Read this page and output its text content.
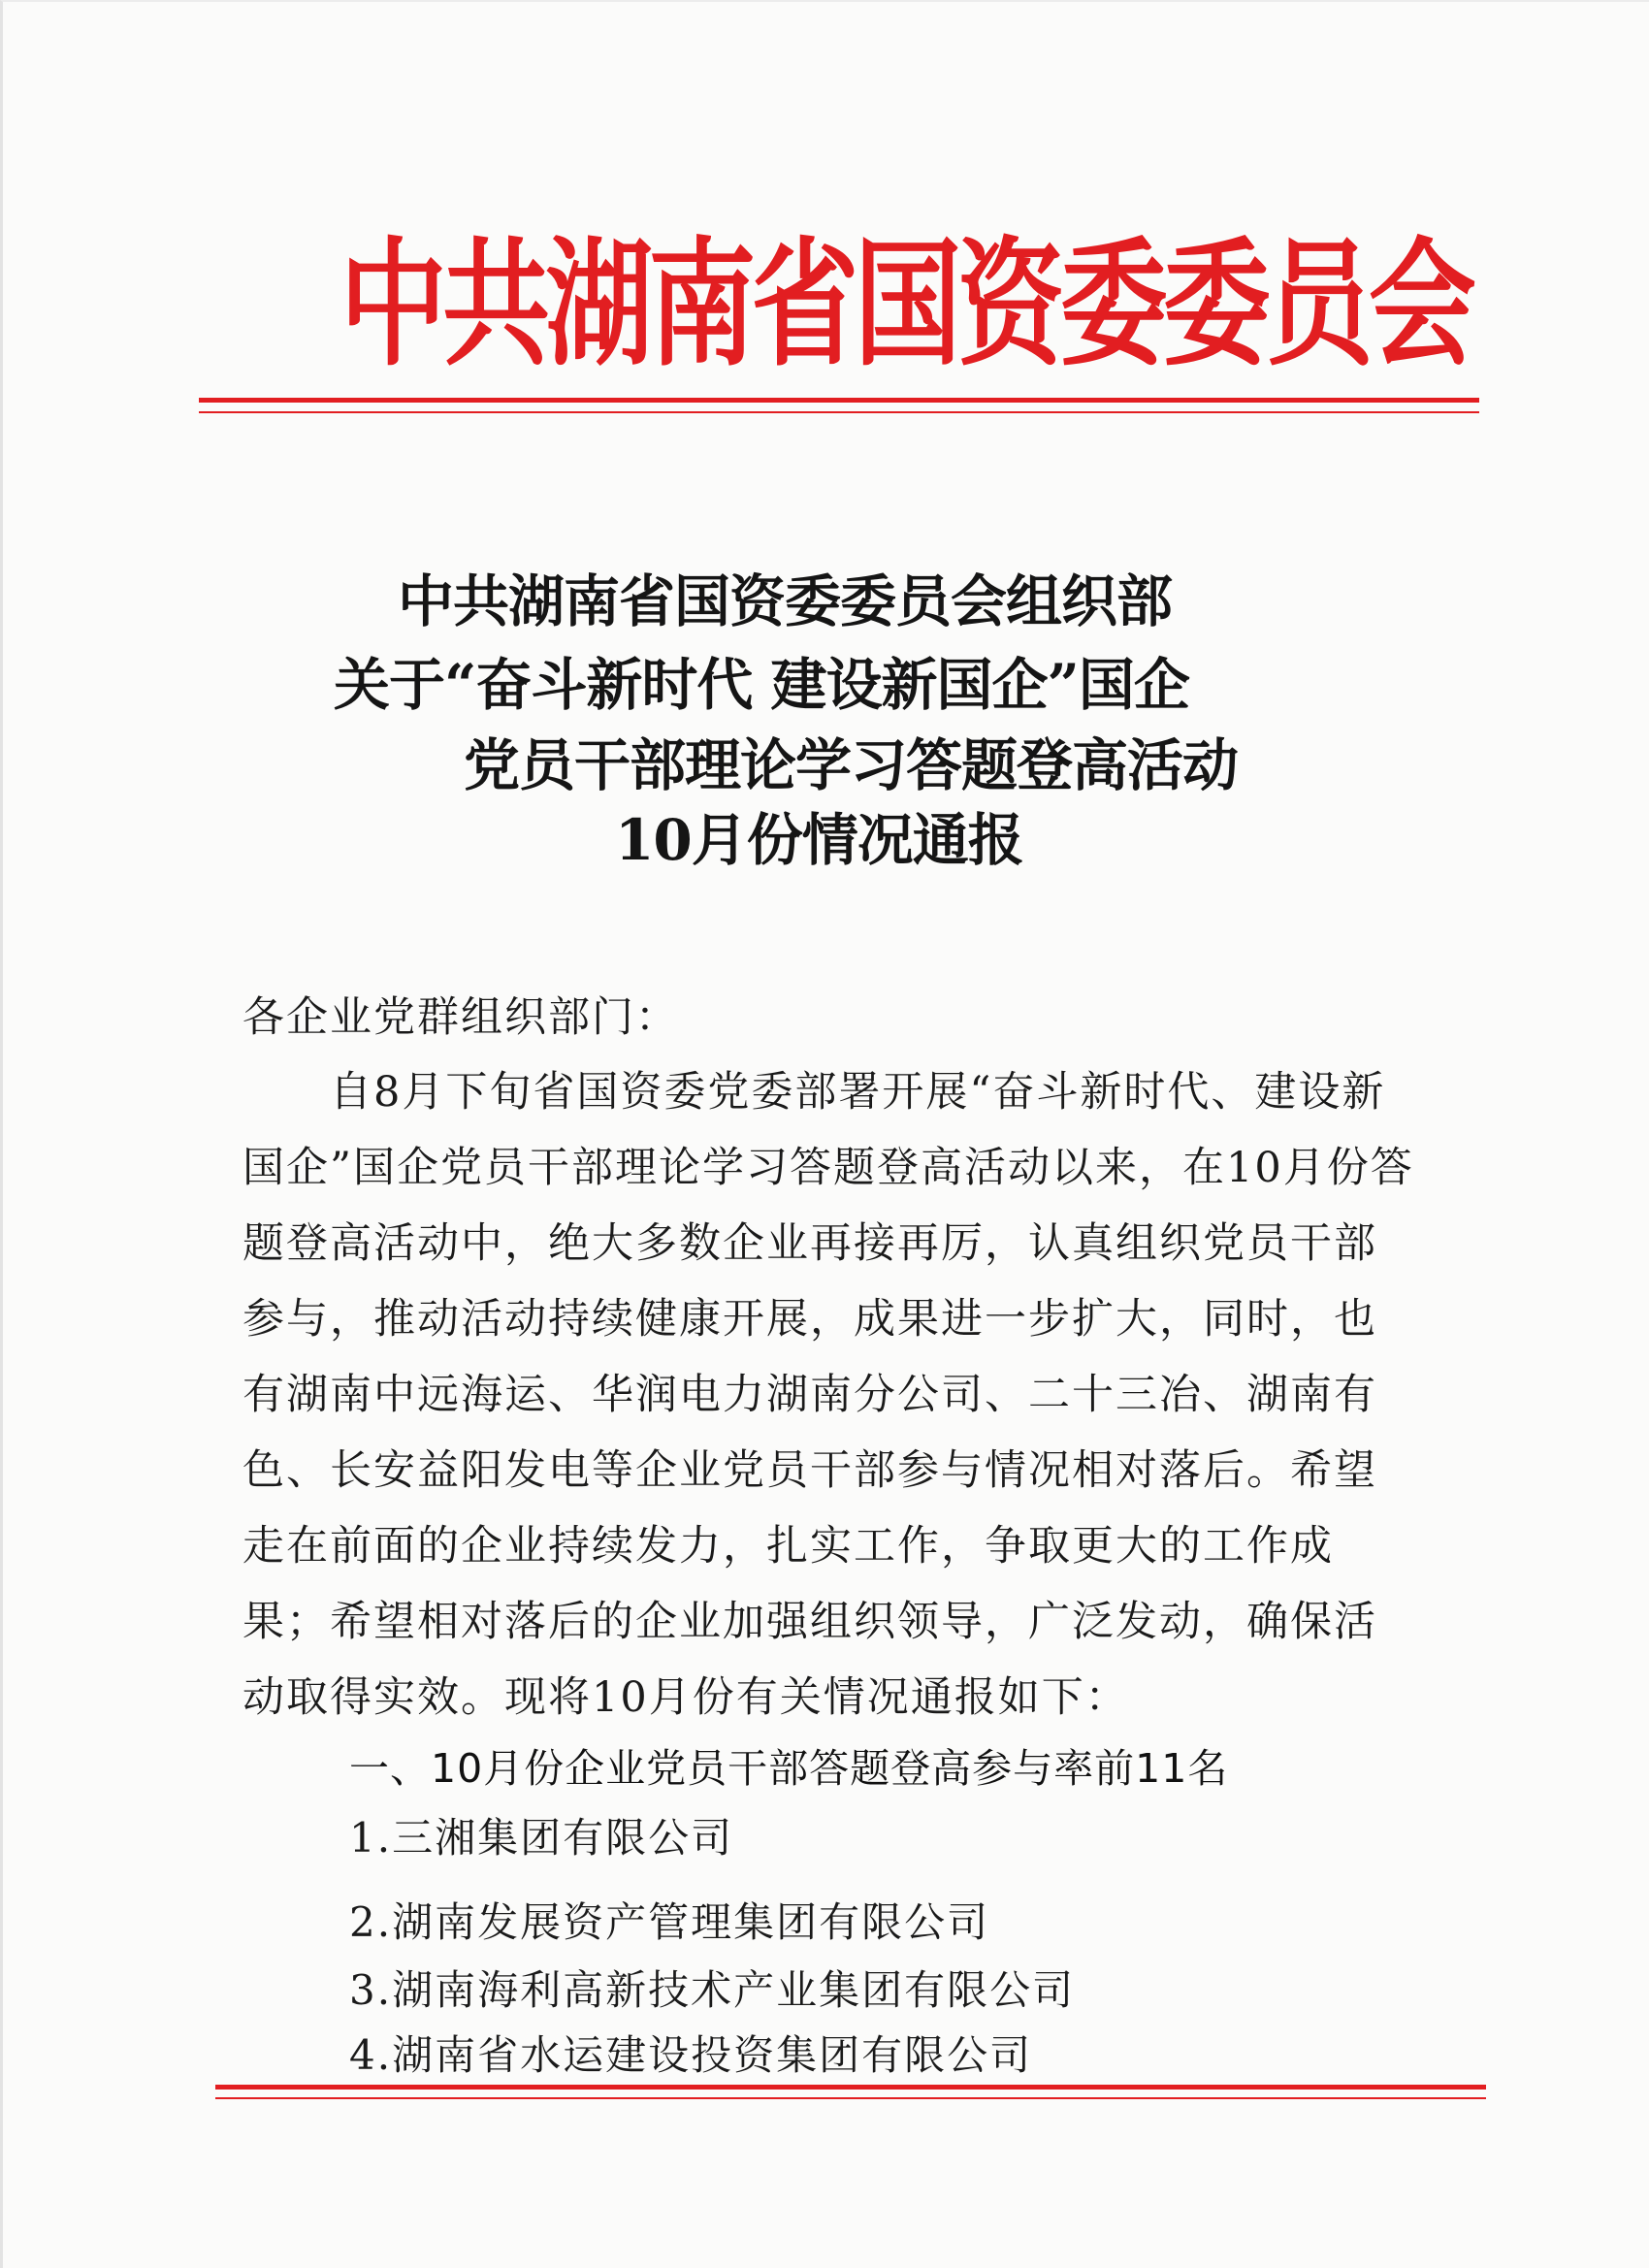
中共湖南省国资委委员会
中共湖南省国资委委员会组织部
关于“奋斗新时代 建设新国企”国企
党员干部理论学习答题登高活动
10月份情况通报
各企业党群组织部门：
自8月下旬省国资委党委部署开展“奋斗新时代、建设新
国企”国企党员干部理论学习答题登高活动以来，在10月份答
题登高活动中，绝大多数企业再接再厉，认真组织党员干部
参与，推动活动持续健康开展，成果进一步扩大，同时，也
有湖南中远海运、华润电力湖南分公司、二十三冶、湖南有
色、长安益阳发电等企业党员干部参与情况相对落后。希望
走在前面的企业持续发力，扎实工作，争取更大的工作成
果；希望相对落后的企业加强组织领导，广泛发动，确保活
动取得实效。现将10月份有关情况通报如下：
一、10月份企业党员干部答题登高参与率前11名
1.三湘集团有限公司
2.湖南发展资产管理集团有限公司
3.湖南海利高新技术产业集团有限公司
4.湖南省水运建设投资集团有限公司
